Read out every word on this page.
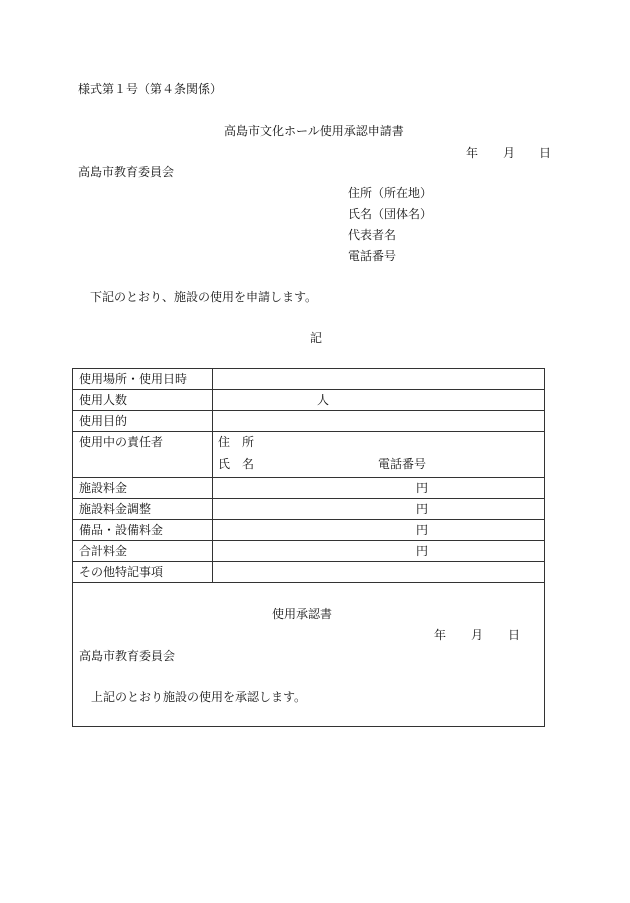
様式第１号（第４条関係）
高島市文化ホール使用承認申請書
年 月 日
高島市教育委員会
住所（所在地）
氏名（団体名）
代表者名
電話番号
下記のとおり、施設の使用を申請します。
記
使用場所・使用日時	
使用人数	人

使用目的	
使用中の責任者	住　所
氏　名 電話番号

施設料金	円

施設料金調整	円

備品・設備料金	円

合計料金	円

その他特記事項	
使用承認書
年 月 日
高島市教育委員会
上記のとおり施設の使用を承認します。
